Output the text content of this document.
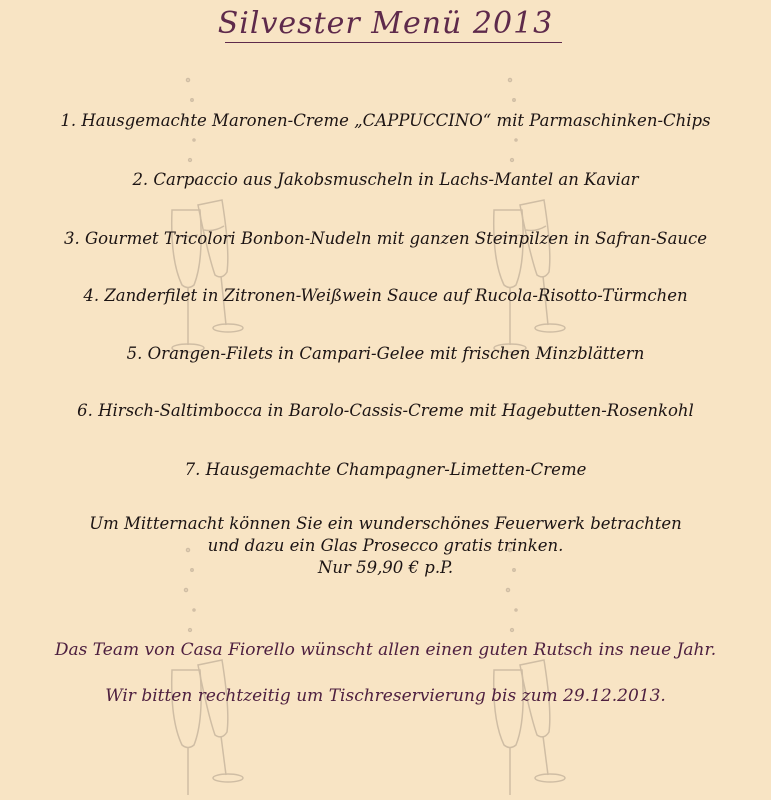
Silvester Menü 2013
1. Hausgemachte Maronen-Creme „CAPPUCCINO“ mit Parmaschinken-Chips
2. Carpaccio aus Jakobsmuscheln in Lachs-Mantel an Kaviar
3. Gourmet Tricolori Bonbon-Nudeln mit ganzen Steinpilzen in Safran-Sauce
4. Zanderfilet in Zitronen-Weißwein Sauce auf Rucola-Risotto-Türmchen
5. Orangen-Filets in Campari-Gelee mit frischen Minzblättern
6. Hirsch-Saltimbocca in Barolo-Cassis-Creme mit Hagebutten-Rosenkohl
7. Hausgemachte Champagner-Limetten-Creme
Um Mitternacht können Sie ein wunderschönes Feuerwerk betrachten
und dazu ein Glas Prosecco gratis trinken.
Nur 59,90 € p.P.
Das Team von Casa Fiorello wünscht allen einen guten Rutsch ins neue Jahr.
Wir bitten rechtzeitig um Tischreservierung bis zum 29.12.2013.
